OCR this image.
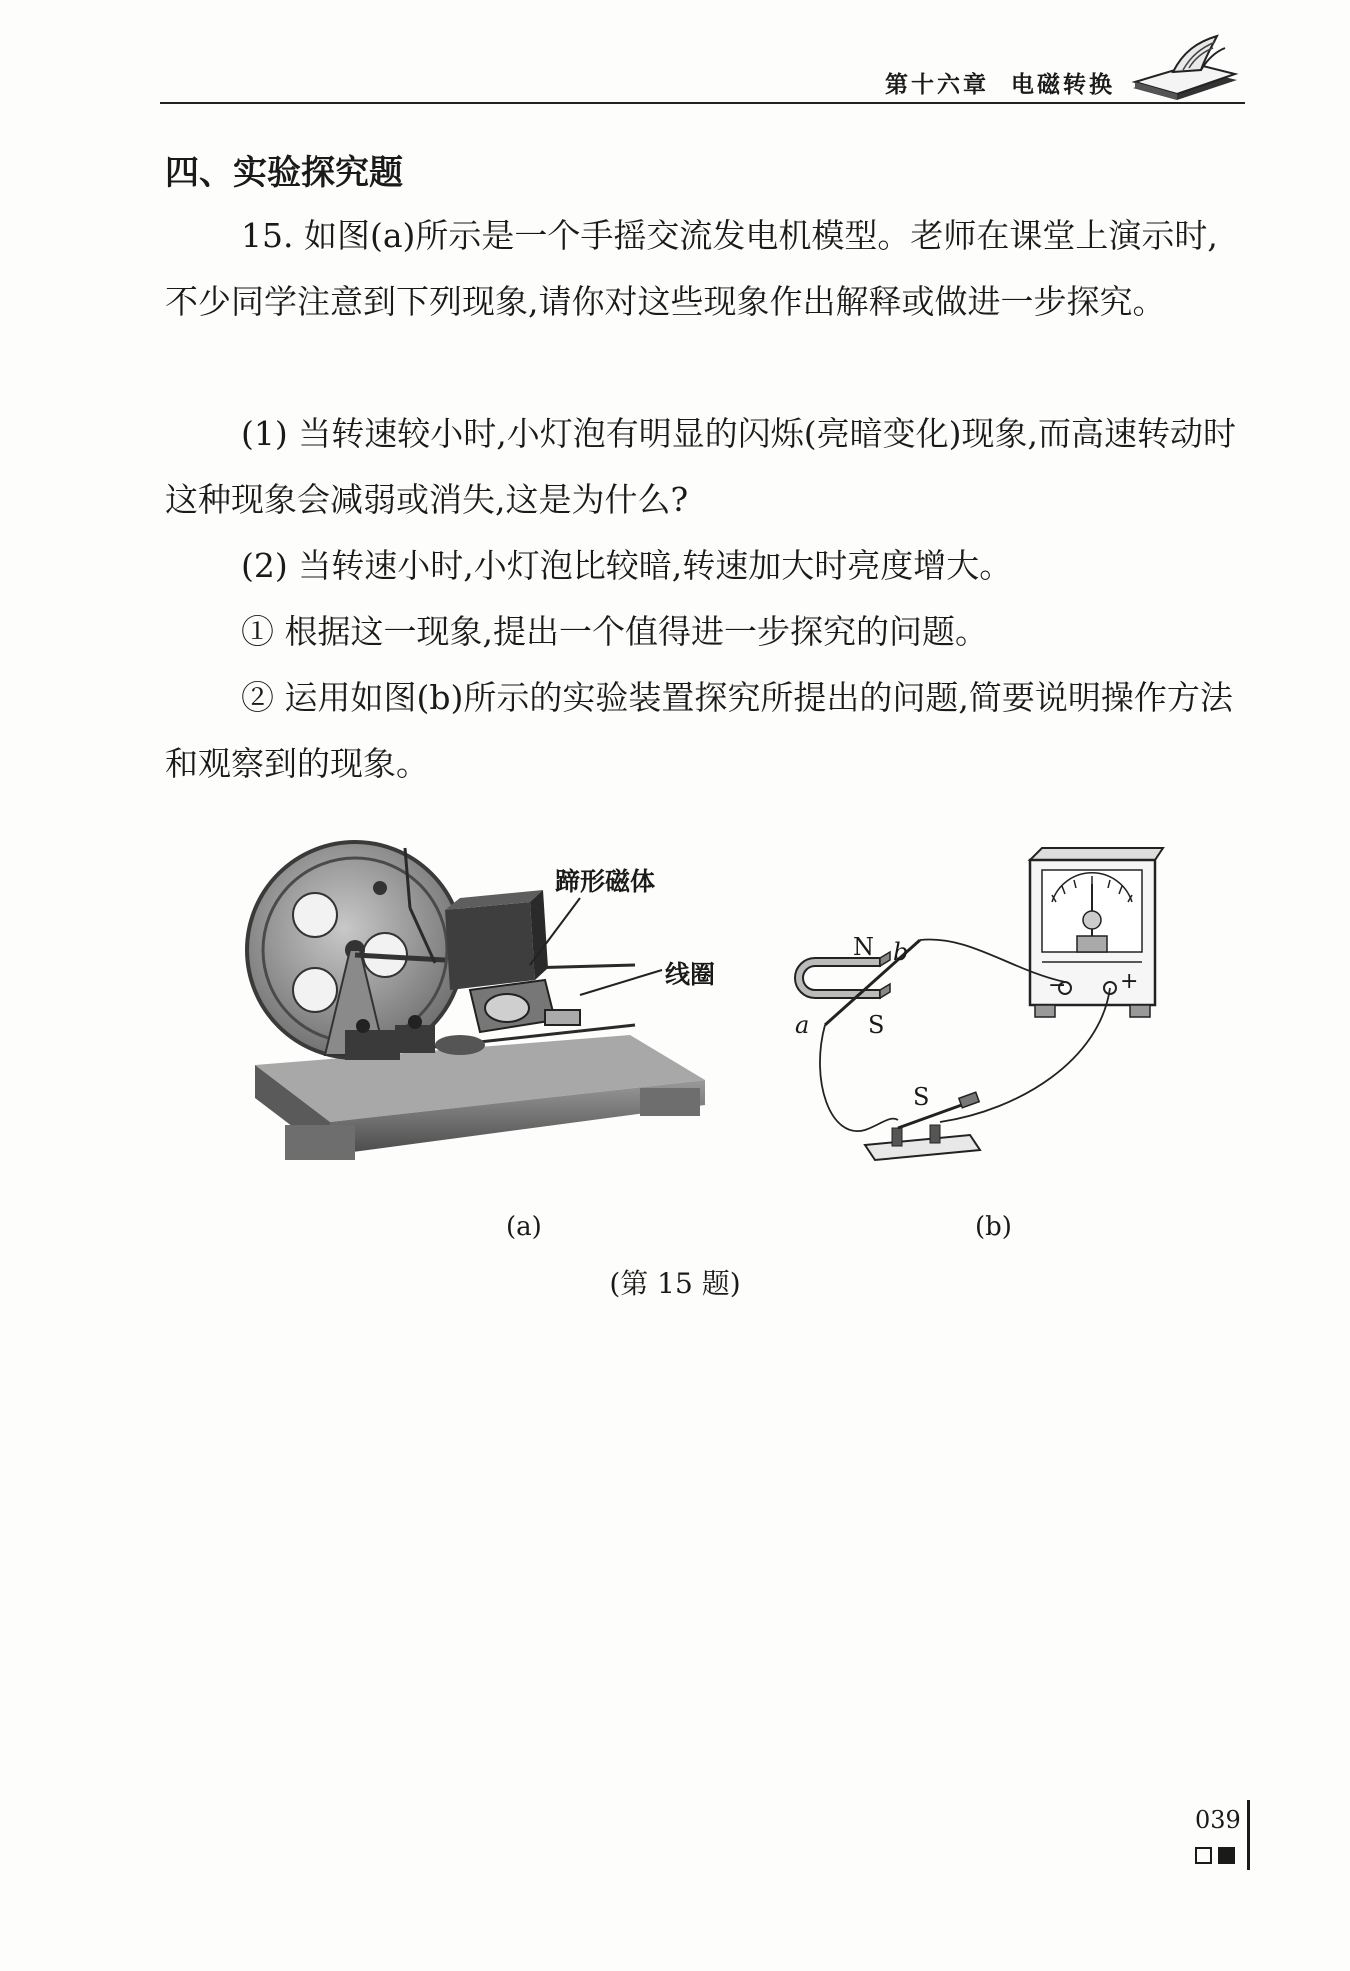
第十六章 电磁转换
四、实验探究题

15. 如图(a)所示是一个手摇交流发电机模型。老师在课堂上演示时,不少同学注意到下列现象,请你对这些现象作出解释或做进一步探究。

(1) 当转速较小时,小灯泡有明显的闪烁(亮暗变化)现象,而高速转动时这种现象会减弱或消失,这是为什么?

(2) 当转速小时,小灯泡比较暗,转速加大时亮度增大。

① 根据这一现象,提出一个值得进一步探究的问题。

② 运用如图(b)所示的实验装置探究所提出的问题,简要说明操作方法和观察到的现象。

蹄形磁体
线圈
(a)
N
S
a
b
S
− +
(b)
(第 15 题)
039
